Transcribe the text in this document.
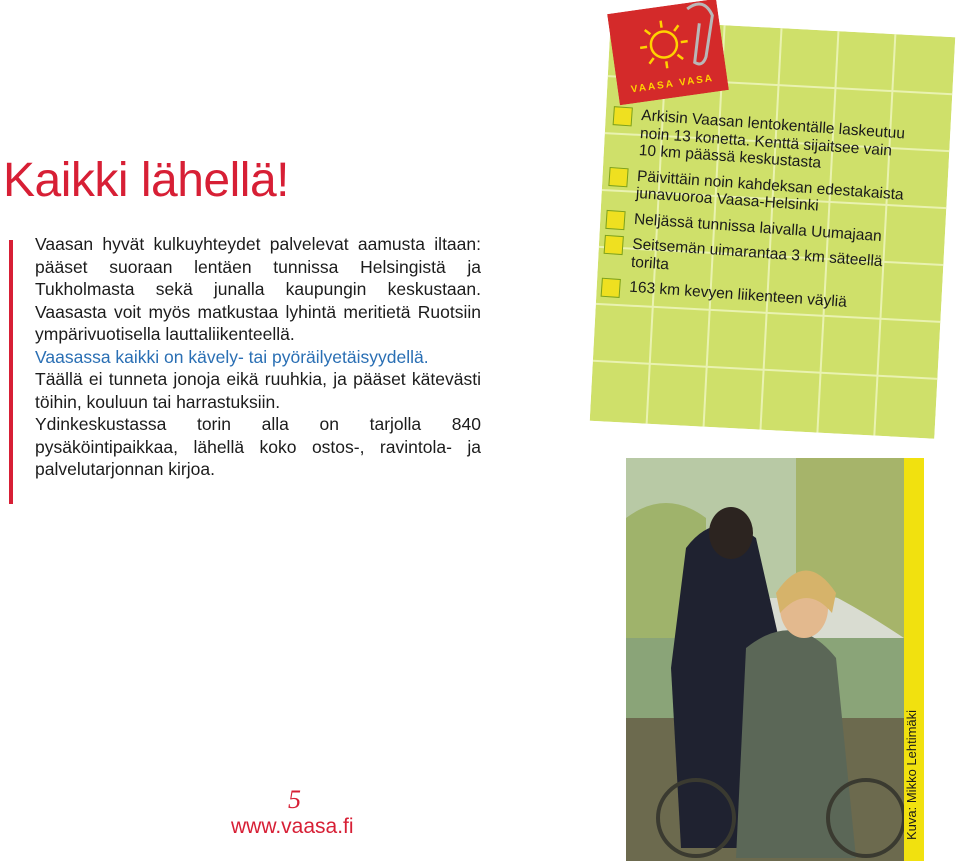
Kaikki lähellä!

Vaasan hyvät kulkuyhteydet palvelevat aamusta iltaan: pääset suoraan lentäen tunnissa Helsingistä ja Tukholmasta sekä junalla kaupungin keskustaan. Vaasasta voit myös matkustaa lyhintä meritietä Ruotsiin ympärivuotisella lauttaliikenteellä.

Vaasassa kaikki on kävely- tai pyöräilyetäisyydellä.

Täällä ei tunneta jonoja eikä ruuhkia, ja pääset kätevästi töihin, kouluun tai harrastuksiin.

Ydinkeskustassa torin alla on tarjolla 840 pysäköintipaikkaa, lähellä koko ostos-, ravintola- ja palvelutarjonnan kirjoa.

5
www.vaasa.fi
VAASA VASA
Arkisin Vaasan lentokentälle laskeutuu noin 13 konetta. Kenttä sijaitsee vain 10 km päässä keskustasta
Päivittäin noin kahdeksan edestakaista junavuoroa Vaasa-Helsinki
Neljässä tunnissa laivalla Uumajaan
Seitsemän uimarantaa 3 km säteellä torilta
163 km kevyen liikenteen väyliä
Kuva: Mikko Lehtimäki
